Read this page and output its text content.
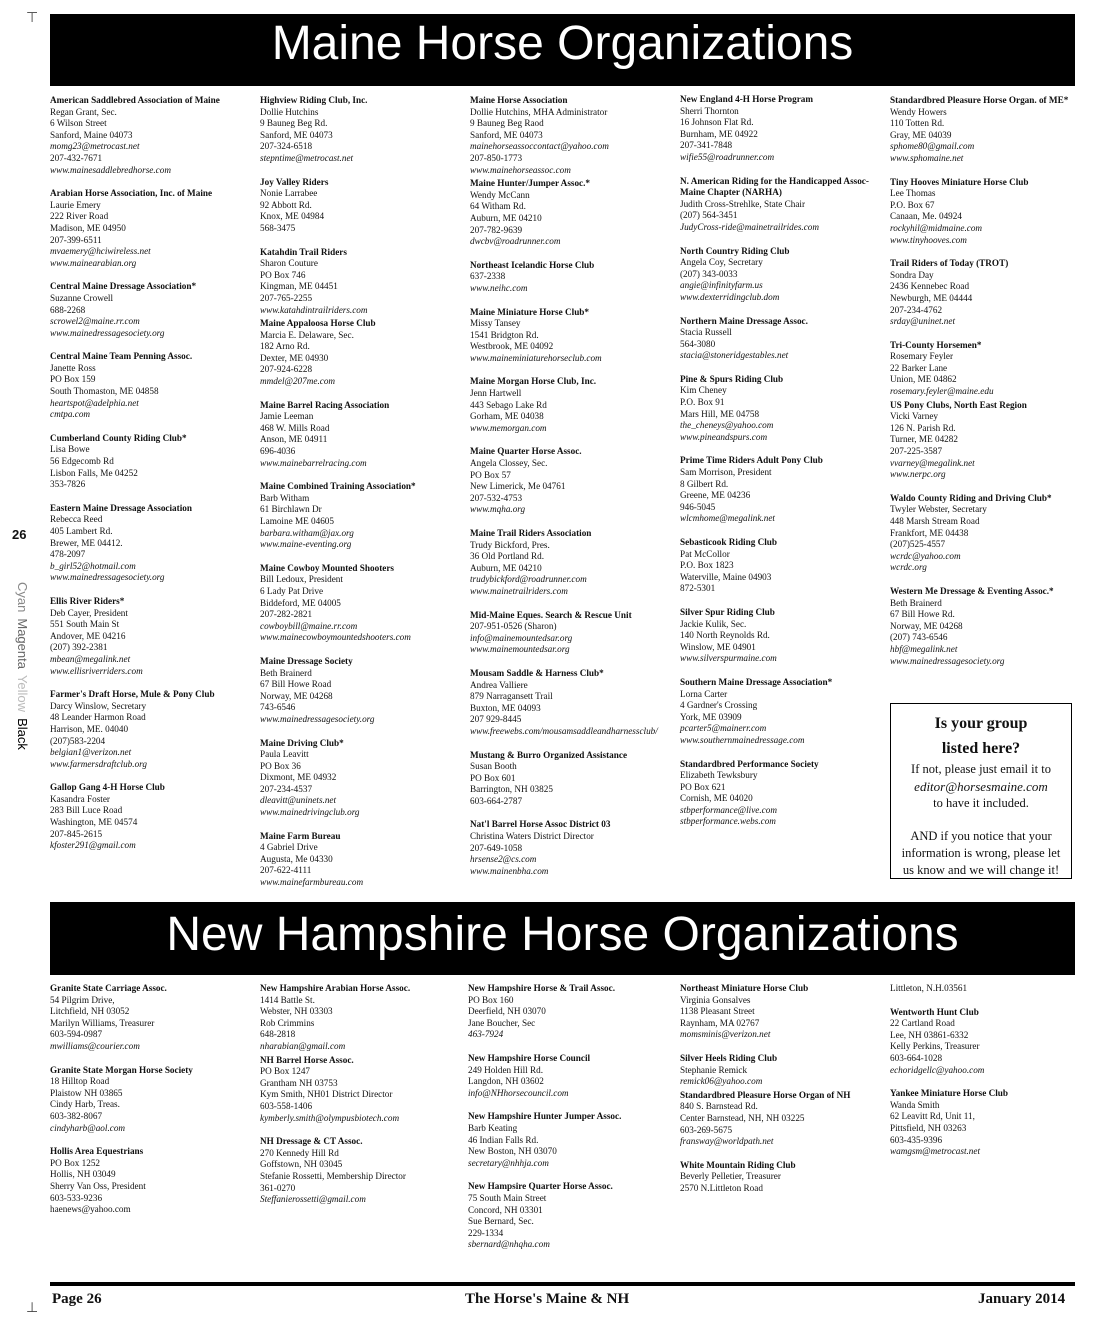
⊤
⊥
26
CyanMagentaYellowBlack
Maine Horse Organizations
American Saddlebred Association of Maine
Regan Grant, Sec.
6 Wilson Street
Sanford, Maine 04073
momg23@metrocast.net
207-432-7671
www.mainesaddlebredhorse.com
Arabian Horse Association, Inc. of Maine
Laurie Emery
222 River Road
Madison, ME 04950
207-399-6511
mvaemery@hciwireless.net
www.mainearabian.org
Central Maine Dressage Association*
Suzanne Crowell
688-2268
scrowel2@maine.rr.com
www.mainedressagesociety.org
Central Maine Team Penning Assoc.
Janette Ross
PO Box 159
South Thomaston, ME 04858
heartspot@adelphia.net
cmtpa.com
Cumberland County Riding Club*
Lisa Bowe
56 Edgecomb Rd
Lisbon Falls, Me 04252
353-7826
Eastern Maine Dressage Association
Rebecca Reed
405 Lambert Rd.
Brewer, ME 04412.
478-2097
b_girl52@hotmail.com
www.mainedressagesociety.org
Ellis River Riders*
Deb Cayer, President
551 South Main St
Andover, ME 04216
(207) 392-2381
mbean@megalink.net
www.ellisriverriders.com
Farmer's Draft Horse, Mule & Pony Club
Darcy Winslow, Secretary
48 Leander Harmon Road
Harrison, ME. 04040
(207)583-2204
belgian1@verizon.net
www.farmersdraftclub.org
Gallop Gang 4-H Horse Club
Kasandra Foster
283 Bill Luce Road
Washington, ME 04574
207-845-2615
kfoster291@gmail.com
Highview Riding Club, Inc.
Dollie Hutchins
9 Bauneg Beg Rd.
Sanford, ME 04073
207-324-6518
stepntime@metrocast.net
Joy Valley Riders
Nonie Larrabee
92 Abbott Rd.
Knox, ME 04984
568-3475
Katahdin Trail Riders
Sharon Couture
PO Box 746
Kingman, ME 04451
207-765-2255
www.katahdintrailriders.com
Maine Appaloosa Horse Club
Marcia E. Delaware, Sec.
182 Arno Rd.
Dexter, ME 04930
207-924-6228
mmdel@207me.com
Maine Barrel Racing Association
Jamie Leeman
468 W. Mills Road
Anson, ME 04911
696-4036
www.mainebarrelracing.com
Maine Combined Training Association*
Barb Witham
61 Birchlawn Dr
Lamoine ME 04605
barbara.witham@jax.org
www.maine-eventing.org
Maine Cowboy Mounted Shooters
Bill Ledoux, President
6 Lady Pat Drive
Biddeford, ME 04005
207-282-2821
cowboybill@maine.rr.com
www.mainecowboymountedshooters.com
Maine Dressage Society
Beth Brainerd
67 Bill Howe Road
Norway, ME 04268
743-6546
www.mainedressagesociety.org
Maine Driving Club*
Paula Leavitt
PO Box 36
Dixmont, ME 04932
207-234-4537
dleavitt@uninets.net
www.mainedrivingclub.org
Maine Farm Bureau
4 Gabriel Drive
Augusta, Me 04330
207-622-4111
www.mainefarmbureau.com
Maine Horse Association
Dollie Hutchins, MHA Administrator
9 Bauneg Beg Raod
Sanford, ME 04073
mainehorseassoccontact@yahoo.com
207-850-1773
www.mainehorseassoc.com
Maine Hunter/Jumper Assoc.*
Wendy McCann
64 Witham Rd.
Auburn, ME 04210
207-782-9639
dwcbv@roadrunner.com
Northeast Icelandic Horse Club
637-2338
www.neihc.com
Maine Miniature Horse Club*
Missy Tansey
1541 Bridgton Rd.
Westbrook, ME 04092
www.maineminiaturehorseclub.com
Maine Morgan Horse Club, Inc.
Jenn Hartwell
443 Sebago Lake Rd
Gorham, ME 04038
www.memorgan.com
Maine Quarter Horse Assoc.
Angela Clossey, Sec.
PO Box 57
New Limerick, Me 04761
207-532-4753
www.mqha.org
Maine Trail Riders Association
Trudy Bickford, Pres.
36 Old Portland Rd.
Auburn, ME 04210
trudybickford@roadrunner.com
www.mainetrailriders.com
Mid-Maine Eques. Search & Rescue Unit
207-951-0526 (Sharon)
info@mainemountedsar.org
www.mainemountedsar.org
Mousam Saddle & Harness Club*
Andrea Valliere
879 Narragansett Trail
Buxton, ME 04093
207 929-8445
www.freewebs.com/mousamsaddleandharnessclub/
Mustang & Burro Organized Assistance
Susan Booth
PO Box 601
Barrington, NH 03825
603-664-2787
Nat'l Barrel Horse Assoc District 03
Christina Waters District Director
207-649-1058
hrsense2@cs.com
www.mainenbha.com
New England 4-H Horse Program
Sherri Thornton
16 Johnson Flat Rd.
Burnham, ME 04922
207-341-7848
wifie55@roadrunner.com
N. American Riding for the Handicapped Assoc- Maine Chapter (NARHA)
Judith Cross-Strehlke, State Chair
(207) 564-3451
JudyCross-ride@mainetrailrides.com
North Country Riding Club
Angela Coy, Secretary
(207) 343-0033
angie@infinityfarm.us
www.dexterridingclub.dom
Northern Maine Dressage Assoc.
Stacia Russell
564-3080
stacia@stoneridgestables.net
Pine & Spurs Riding Club
Kim Cheney
P.O. Box 91
Mars Hill, ME 04758
the_cheneys@yahoo.com
www.pineandspurs.com
Prime Time Riders Adult Pony Club
Sam Morrison, President
8 Gilbert Rd.
Greene, ME 04236
946-5045
wlcmhome@megalink.net
Sebasticook Riding Club
Pat McCollor
P.O. Box 1823
Waterville, Maine 04903
872-5301
Silver Spur Riding Club
Jackie Kulik, Sec.
140 North Reynolds Rd.
Winslow, ME 04901
www.silverspurmaine.com
Southern Maine Dressage Association*
Lorna Carter
4 Gardner's Crossing
York, ME 03909
pcarter5@mainerr.com
www.southernmainedressage.com
Standardbred Performance Society
Elizabeth Tewksbury
PO Box 621
Cornish, ME 04020
stbperformance@live.com
stbperformance.webs.com
Standardbred Pleasure Horse Organ. of ME*
Wendy Howers
110 Totten Rd.
Gray, ME 04039
sphome80@gmail.com
www.sphomaine.net
Tiny Hooves Miniature Horse Club
Lee Thomas
P.O. Box 67
Canaan, Me. 04924
rockyhil@midmaine.com
www.tinyhooves.com
Trail Riders of Today (TROT)
Sondra Day
2436 Kennebec Road
Newburgh, ME 04444
207-234-4762
srday@uninet.net
Tri-County Horsemen*
Rosemary Feyler
22 Barker Lane
Union, ME 04862
rosemary.feyler@maine.edu
US Pony Clubs, North East Region
Vicki Varney
126 N. Parish Rd.
Turner, ME 04282
207-225-3587
vvarney@megalink.net
www.nerpc.org
Waldo County Riding and Driving Club*
Twyler Webster, Secretary
448 Marsh Stream Road
Frankfort, ME 04438
(207)525-4557
wcrdc@yahoo.com
wcrdc.org
Western Me Dressage & Eventing Assoc.*
Beth Brainerd
67 Bill Howe Rd.
Norway, ME 04268
(207) 743-6546
hbf@megalink.net
www.mainedressagesociety.org
Is your group
listed here?
If not, please just email it to
editor@horsesmaine.com
to have it included.
AND if you notice that your
information is wrong, please let
us know and we will change it!
New Hampshire Horse Organizations
Granite State Carriage Assoc.
54 Pilgrim Drive,
Litchfield, NH 03052
Marilyn Williams, Treasurer
603-594-0987
mwilliams@courier.com
Granite State Morgan Horse Society
18 Hilltop Road
Plaistow NH 03865
Cindy Harb, Treas.
603-382-8067
cindyharb@aol.com
Hollis Area Equestrians
PO Box 1252
Hollis, NH 03049
Sherry Van Oss, President
603-533-9236
haenews@yahoo.com
New Hampshire Arabian Horse Assoc.
1414 Battle St.
Webster, NH 03303
Rob Crimmins
648-2818
nharabian@gmail.com
NH Barrel Horse Assoc.
PO Box 1247
Grantham NH 03753
Kym Smith, NH01 District Director
603-558-1406
kymberly.smith@olympusbiotech.com
NH Dressage & CT Assoc.
270 Kennedy Hill Rd
Goffstown, NH 03045
Stefanie Rossetti, Membership Director
361-0270
Steffanierossetti@gmail.com
New Hampshire Horse & Trail Assoc.
PO Box 160
Deerfield, NH 03070
Jane Boucher, Sec
463-7924
New Hampshire Horse Council
249 Holden Hill Rd.
Langdon, NH 03602
info@NHhorsecouncil.com
New Hampshire Hunter Jumper Assoc.
Barb Keating
46 Indian Falls Rd.
New Boston, NH 03070
secretary@nhhja.com
New Hampsire Quarter Horse Assoc.
75 South Main Street
Concord, NH 03301
Sue Bernard, Sec.
229-1334
sbernard@nhqha.com
Northeast Miniature Horse Club
Virginia Gonsalves
1138 Pleasant Street
Raynham, MA 02767
momsminis@verizon.net
Silver Heels Riding Club
Stephanie Remick
remick06@yahoo.com
Standardbred Pleasure Horse Organ of NH
840 S. Barnstead Rd.
Center Barnstead, NH, NH 03225
603-269-5675
fransway@worldpath.net
White Mountain Riding Club
Beverly Pelletier, Treasurer
2570 N.Littleton Road
Littleton, N.H.03561
Wentworth Hunt Club
22 Cartland Road
Lee, NH 03861-6332
Kelly Perkins, Treasurer
603-664-1028
echoridgellc@yahoo.com
Yankee Miniature Horse Club
Wanda Smith
62 Leavitt Rd, Unit 11,
Pittsfield, NH 03263
603-435-9396
wamgsm@metrocast.net
Page 26	The Horse's Maine & NH	January 2014
